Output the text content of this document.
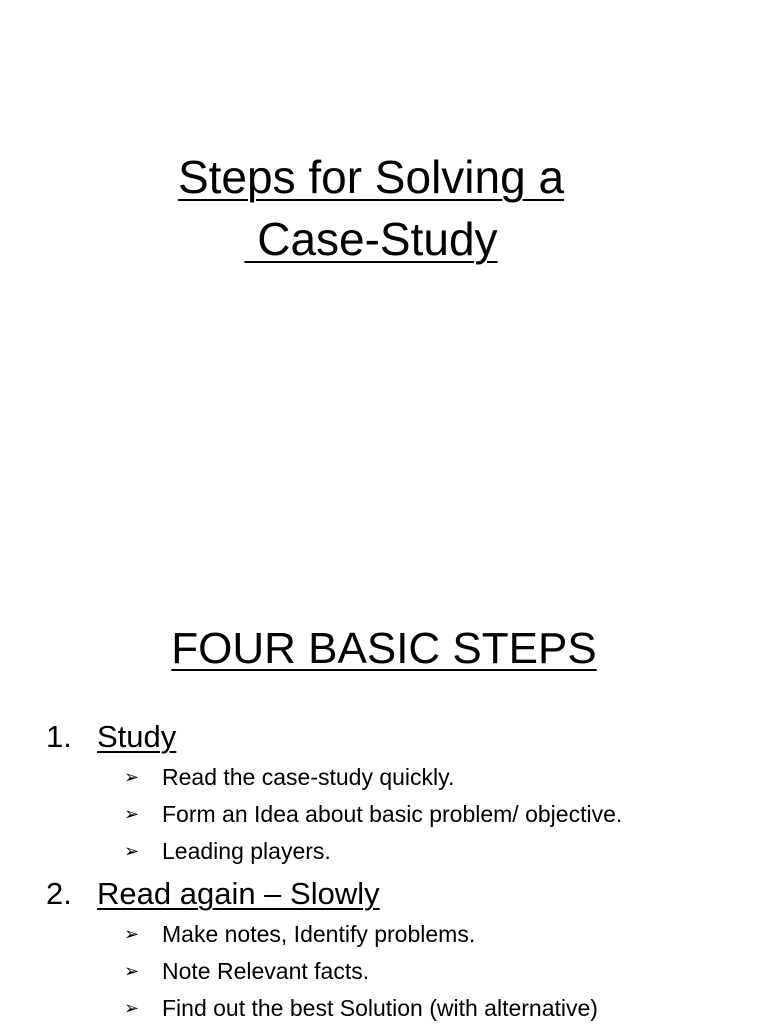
Steps for Solving a
Case-Study
FOUR BASIC STEPS
1. Study
➢ Read the case-study quickly.
➢ Form an Idea about basic problem/ objective.
➢ Leading players.
2. Read again – Slowly
➢ Make notes, Identify problems.
➢ Note Relevant facts.
➢ Find out the best Solution (with alternative)
